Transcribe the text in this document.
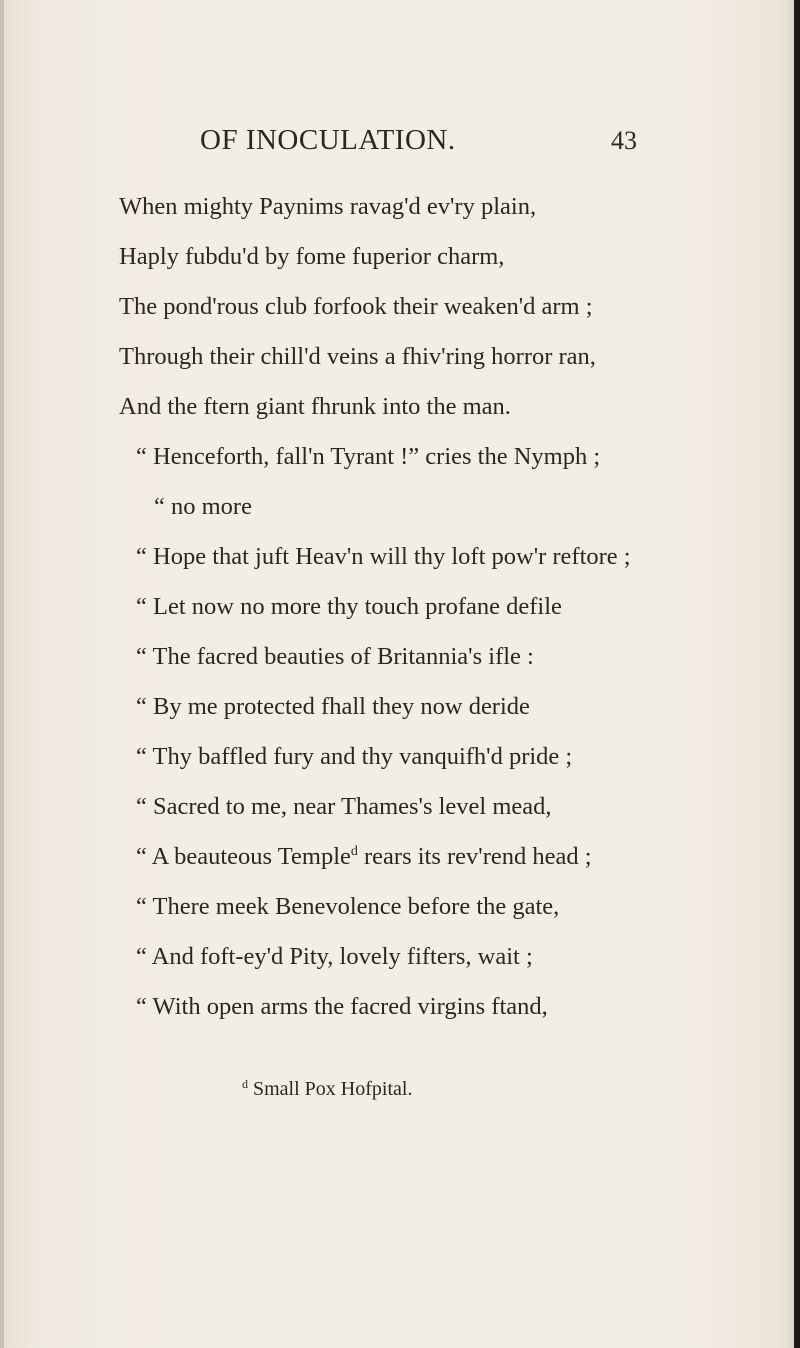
OF INOCULATION.	43
When mighty Paynims ravag'd ev'ry plain,
Haply fubdu'd by fome fuperior charm,
The pond'rous club forfook their weaken'd arm ;
Through their chill'd veins a fhiv'ring horror ran,
And the ftern giant fhrunk into the man.
“ Henceforth, fall'n Tyrant !” cries the Nymph ;
“ no more
“ Hope that juft Heav'n will thy loft pow'r reftore ;
“ Let now no more thy touch profane defile
“ The facred beauties of Britannia's ifle :
“ By me protected fhall they now deride
“ Thy baffled fury and thy vanquifh'd pride ;
“ Sacred to me, near Thames's level mead,
“ A beauteous Temple$^d$ rears its rev'rend head ;
“ There meek Benevolence before the gate,
“ And foft-ey'd Pity, lovely fifters, wait ;
“ With open arms the facred virgins ftand,
$^d$ Small Pox Hofpital.
